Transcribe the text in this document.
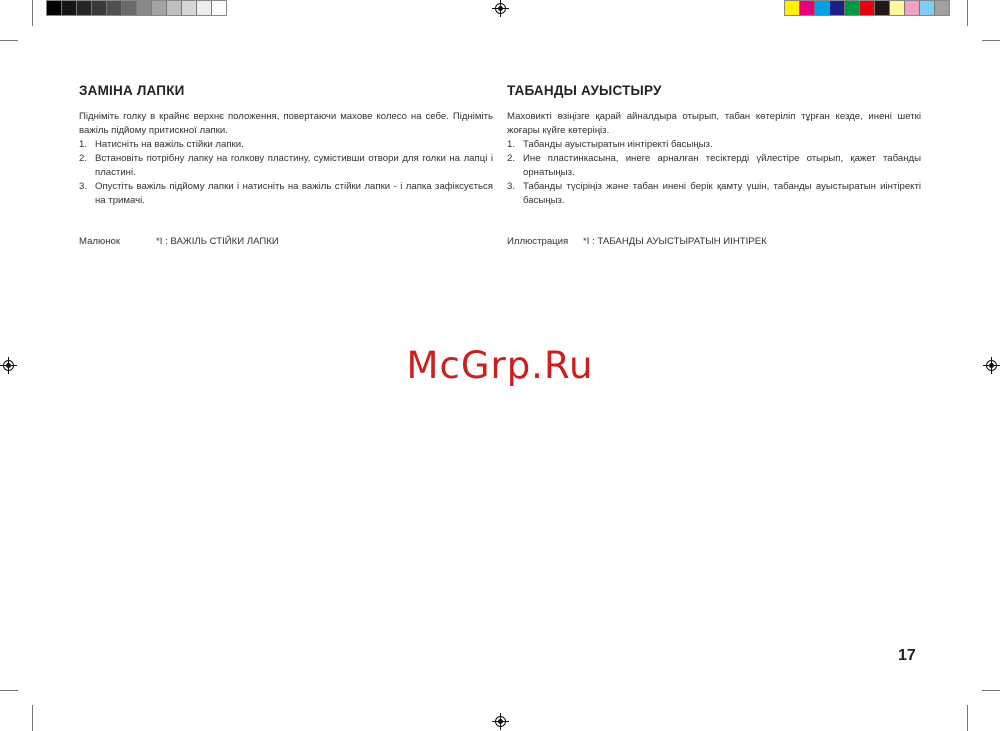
ЗАМІНА ЛАПКИ

Підніміть голку в крайнє верхнє положення, повертаючи махове колесо на себе. Підніміть важіль підйому притискної лапки.

1. Натисніть на важіль стійки лапки.
2. Встановіть потрібну лапку на голкову пластину, сумістивши отвори для голки на лапці і пластині.
3. Опустіть важіль підйому лапки і натисніть на важіль стійки лапки - і лапка зафіксується на тримачі.
Малюнок	*I : ВАЖІЛЬ СТІЙКИ ЛАПКИ
ТАБАНДЫ АУЫСТЫРУ

Маховикті өзіңізге қарай айналдыра отырып, табан көтеріліп тұрған кезде, инені шеткі жоғары күйге көтеріңіз.

1. Табанды ауыстыратын иінтіректі басыңыз.
2. Ине пластинкасына, инеге арналған тесіктерді үйлестіре отырып, қажет табанды орнатыңыз.
3. Табанды түсіріңіз және табан инені берік қамту үшін, табанды ауыстыратын иінтіректі басыңыз.
Иллюстрация *I : ТАБАНДЫ АУЫСТЫРАТЫН ИІНТІРЕК
McGrp.Ru
17
